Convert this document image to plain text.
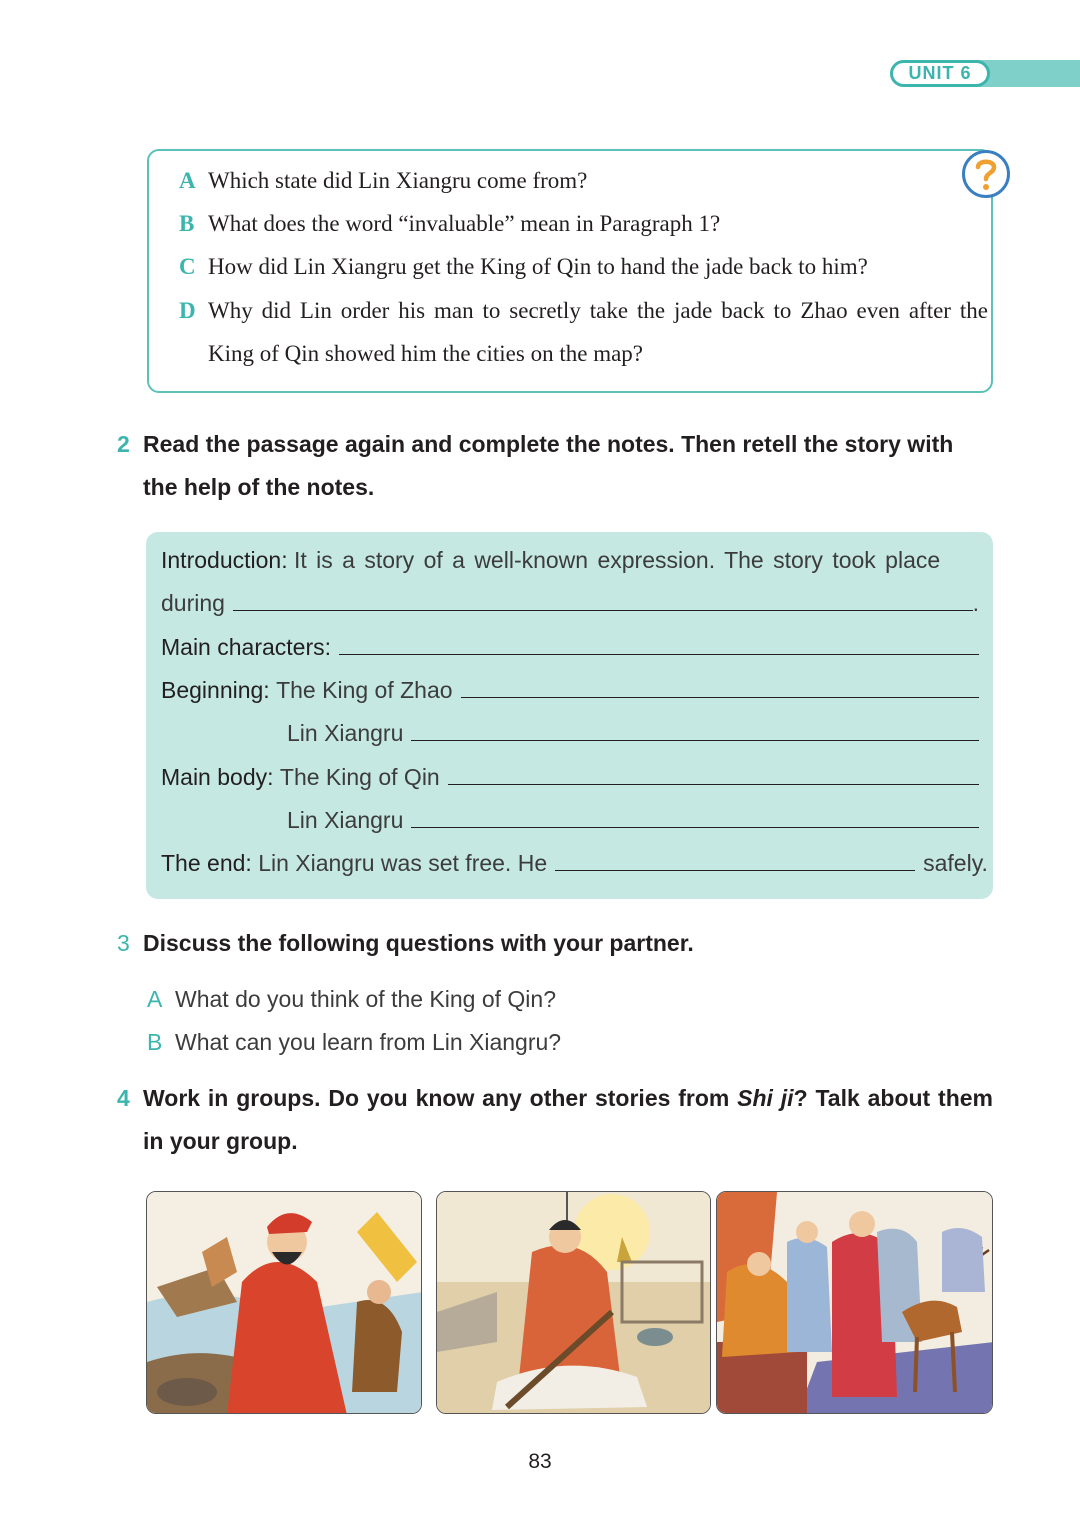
UNIT 6
A Which state did Lin Xiangru come from?
B What does the word “invaluable” mean in Paragraph 1?
C How did Lin Xiangru get the King of Qin to hand the jade back to him?
D Why did Lin order his man to secretly take the jade back to Zhao even after the King of Qin showed him the cities on the map?
2 Read the passage again and complete the notes. Then retell the story with the help of the notes.
Introduction: It is a story of a well-known expression. The story took place
during	.
Main characters:
Beginning:
The King of Zhao
Lin Xiangru
Main body:
The King of Qin
Lin Xiangru
The end:
Lin Xiangru was set free. He	safely.
3 Discuss the following questions with your partner.
A What do you think of the King of Qin?
B What can you learn from Lin Xiangru?
4 Work in groups. Do you know any other stories from Shi ji? Talk about them in your group.
83
